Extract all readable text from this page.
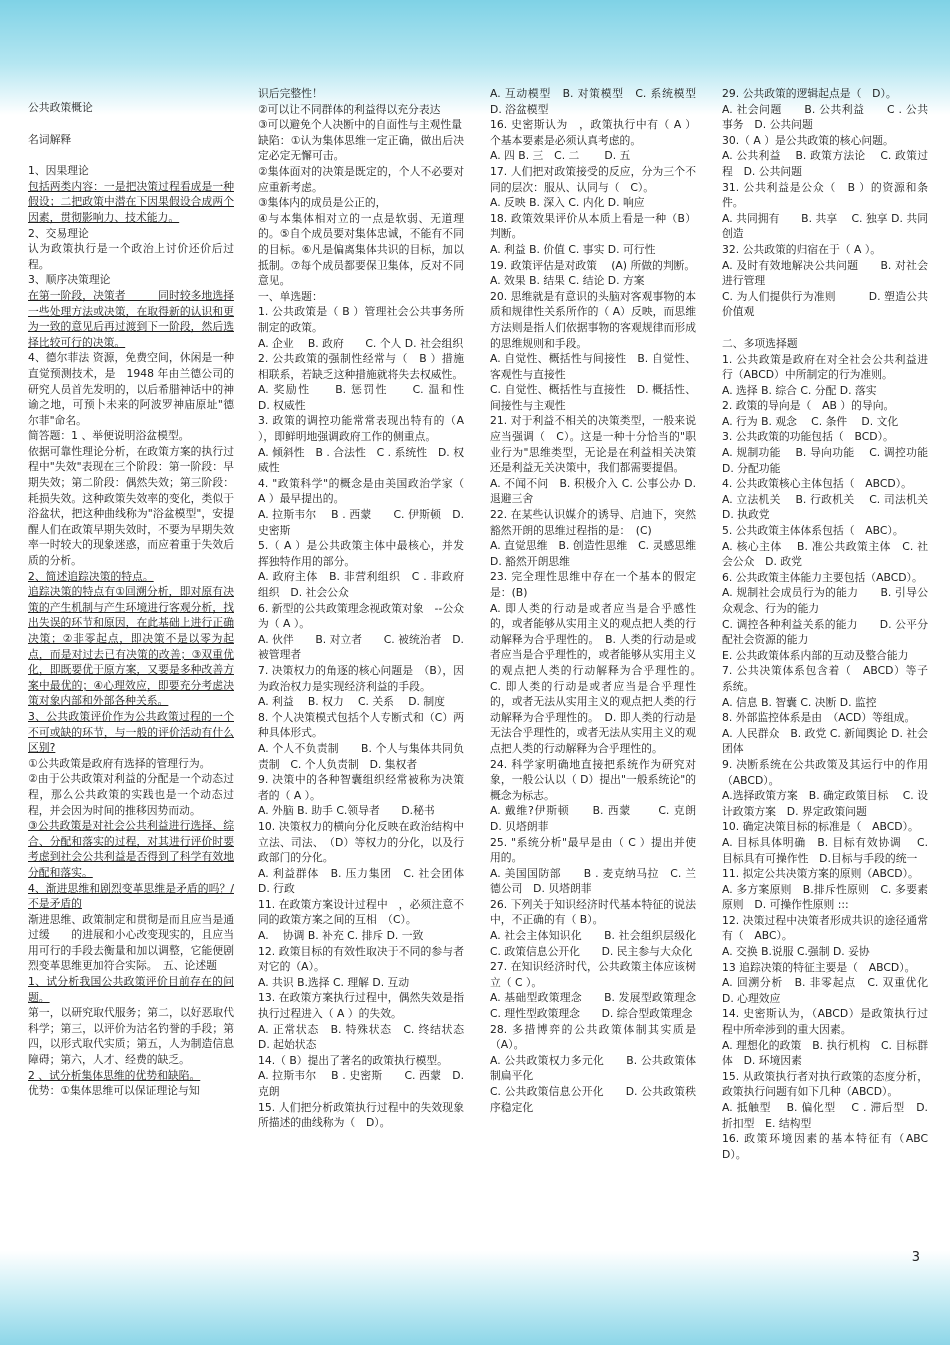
公共政策概论

名词解释

1、因果理论

包括两类内容：一是把决策过程看成是一种假设；二把政策中潜在下因果假设合成两个因素，贯彻影响力、技术能力。

2、交易理论

认为政策执行是一个政治上讨价还价后过程。

3、顺序决策理论

在第一阶段，决策者　　　同时较多地选择一些处理方法或决策，在取得新的认识和更为一致的意见后再过渡到下一阶段，然后选择比较可行的决策。

4、德尔菲法 资源，免费空间，休闲是一种直觉预测技术，是　1948 年由兰德公司的研究人员首先发明的，以后希腊神话中的神谕之地，可预卜未来的阿波罗神庙原址"德尔菲"命名。

简答题：1 、举便说明浴盆模型。

依据可靠性理论分析，在政策方案的执行过程中"失效"表现在三个阶段：第一阶段：早期失效；第二阶段：偶然失效；第三阶段：耗损失效。这种政策失效率的变化，类似于浴盆状，把这种曲线称为"浴盆模型"，安提醒人们在政策早期失效时，不要为早期失效率一时较大的现象迷惑，而应着重于失效后质的分析。

2、简述追踪决策的特点。

追踪决策的特点有①回溯分析，即对原有决策的产生机制与产生环境进行客观分析，找出失误的环节和原因，在此基础上进行正确决策；②非零起点，即决策不是以零为起点，而是对过去已有决策的改善；③双重优化，即既要优于原方案，又要是多种改善方案中最优的；④心理效应，即要充分考虑决策对象内部和外部各种关系。

3、公共政策评价作为公共政策过程的一个不可或缺的环节，与一般的评价活动有什么区别?

①公共政策是政府有选择的管理行为。

②由于公共政策对利益的分配是一个动态过程，那么公共政策的实践也是一个动态过程，并会因为时间的推移因势而动。

③公共政策是对社会公共利益进行选择、综合、分配和落实的过程，对其进行评价时要考虑到社会公共利益是否得到了科学有效地分配和落实。

4、渐进思维和剧烈变革思维是矛盾的吗？/ 不是矛盾的

渐进思维、政策制定和贯彻是而且应当是通过缓　　的进展和小心改变现实的，且应当用可行的手段去衡量和加以调整，它能便剧烈变革思维更加符合实际。　五、论述题

1、试分析我国公共政策评价目前存在的问题。

第一，以研究取代服务；第二，以好恶取代科学；第三，以评价为沽名钓誉的手段；第四，以形式取代实质；第五，人为制造信息障碍；第六，人才、经费的缺乏。

2 、试分析集体思维的优势和缺陷。

优势：①集体思维可以保证理论与知

识后完整性！

②可以让不同群体的利益得以充分表达

③可以避免个人决断中的自面性与主观性量

缺陷：①认为集体思维一定正确，做出后决定必定无懈可击。

②集体面对的决策是既定的，个人不必要对应重新考虑。

③集体内的成员是公正的，

④与本集体相对立的一点是软弱、无道理的。⑤自个成员要对集体忠诚，不能有不同的目标。⑥凡是偏离集体共识的目标，加以抵制。⑦每个成员都要保卫集体，反对不同意见。

一、单选题：

1. 公共政策是（ B ）管理社会公共事务所制定的政策。

A. 企业　 B. 政府　　C. 个人 D. 社会组织

2. 公共政策的强制性经常与（　B ）措施相联系，若缺乏这种措施就将失去权威性。

A. 奖励性　　B. 惩罚性　　C. 温和性　　D. 权威性

3. 政策的调控功能常常表现出特有的（A ），即鲜明地强调政府工作的侧重点。

A. 倾斜性　B . 合法性　C . 系统性　D. 权威性

4. "政策科学"的概念是由美国政治学家（ A ）最早提出的。

A. 拉斯韦尔　 B . 西蒙　　C. 伊斯顿　D. 史密斯

5.（ A ）是公共政策主体中最核心，并发挥独特作用的部分。

A. 政府主体　B. 非营利组织　C . 非政府组织　D. 社会公众

6. 新型的公共政策理念视政策对象　--公众为（ A ）。

A. 伙伴　　B. 对立者　　C. 被统治者　D. 被管理者

7. 决策权力的角逐的核心问题是　（B），因为政治权力是实现经济利益的手段。

A. 利益　 B. 权力　 C. 关系　 D. 制度

8. 个人决策模式包括个人专断式和（C）两种具体形式。

A. 个人不负责制　　B. 个人与集体共同负责制　C. 个人负责制　D. 集权者

9. 决策中的各种智囊组织经常被称为决策者的（ A ）。

A. 外脑 B. 助手 C.领导者　　D.秘书

10. 决策权力的横向分化反映在政治结构中立法、司法、　（D）等权力的分化，以及行政部门的分化。

A. 利益群体　B. 压力集团　C. 社会团体 D. 行政

11. 在政策方案设计过程中　，必须注意不同的政策方案之间的互相　（C）。

A. 　协调 B. 补充 C. 排斥 D. 一致

12. 政策目标的有效性取决于不同的参与者对它的（A）。

A. 共识 B.选择 C. 理解 D. 互动

13. 在政策方案执行过程中，偶然失效是指执行过程进入（ A ）的失效。

A. 正常状态　B. 特殊状态　C. 终结状态　D. 起始状态

14.（ B）提出了著名的政策执行模型。

A. 拉斯韦尔　 B . 史密斯　　C. 西蒙　D. 克朗

15. 人们把分析政策执行过程中的失效现象所描述的曲线称为（　D）。

A. 互动模型　B. 对策模型　C. 系统模型 D. 浴盆模型

16. 史密斯认为　，政策执行中有（ A ）个基本要素是必须认真考虑的。

A. 四 B. 三　C. 二　　 D. 五

17. 人们把对政策接受的反应，分为三个不同的层次：服从、认同与（　C）。

A. 反映 B. 深入 C. 内化 D. 响应

18. 政策效果评价从本质上看是一种（B）判断。

A. 利益 B. 价值 C. 事实 D. 可行性

19. 政策评估是对政策　 (A) 所做的判断。

A. 效果 B. 结果 C. 结论 D. 方案

20. 思维就是有意识的头脑对客观事物的本质和规律性关系所作的（ A）反映，而思维方法则是指人们依据事物的客观规律而形成的思维规则和手段。

A. 自觉性、概括性与间接性　B. 自觉性、客观性与直接性

C. 自觉性、概括性与直接性　D. 概括性、间接性与主观性

21. 对于利益不相关的决策类型，一般来说应当强调（　C）。这是一种十分恰当的"职业行为"思维类型，无论是在利益相关决策还是利益无关决策中，我们都需要提倡。

A. 不闻不问　B. 积极介入 C. 公事公办 D. 退避三舍

22. 在某些认识媒介的诱导、启迪下，突然豁然开朗的思维过程指的是：　(C)

A. 直觉思维　B. 创造性思维　C. 灵感思维　D. 豁然开朗思维

23. 完全理性思维中存在一个基本的假定是：(B)

A. 即人类的行动是或者应当是合乎感性的，或者能够从实用主义的观点把人类的行动解释为合乎理性的。　B. 人类的行动是或者应当是合乎理性的，或者能够从实用主义的观点把人类的行动解释为合乎理性的。　C. 即人类的行动是或者应当是合乎理性的，或者无法从实用主义的观点把人类的行动解释为合乎理性的。　D. 即人类的行动是无法合乎理性的，或者无法从实用主义的观点把人类的行动解释为合乎理性的。

24. 科学家明确地直接把系统作为研究对象，一般公认以（ D）提出"一般系统论"的概念为标志。

A. 戴维?伊斯顿　　B. 西蒙　　 C. 克朗　　D. 贝塔朗菲

25. "系统分析"最早是由（ C ）提出并使用的。

A. 美国国防部　　B . 麦克纳马拉　C. 兰德公司　D. 贝塔朗菲

26. 下列关于知识经济时代基本特征的说法中，不正确的有（ B）。

A. 社会主体知识化　　B. 社会组织层级化　C. 政策信息公开化　　D. 民主参与大众化

27. 在知识经济时代，公共政策主体应该树立（ C ）。

A. 基础型政策理念　　B. 发展型政策理念　C. 理性型政策理念　　D. 综合型政策理念

28. 多措博弈的公共政策体制其实质是（A）。

A. 公共政策权力多元化　　B. 公共政策体制扁平化

C. 公共政策信息公开化　　D. 公共政策秩序稳定化

29. 公共政策的逻辑起点是（　D）。

A. 社会问题　　B. 公共利益　　C . 公共事务　D. 公共问题

30.（ A ）是公共政策的核心问题。

A. 公共利益　 B. 政策方法论　 C. 政策过程　D. 公共问题

31. 公共利益是公众（　B ）的资源和条件。

A. 共同拥有　　B. 共享　 C. 独享 D. 共同创造

32. 公共政策的归宿在于（ A ）。

A. 及时有效地解决公共问题　　B. 对社会进行管理

C. 为人们提供行为准则　　　D. 塑造公共价值观

二、多项选择题

1. 公共政策是政府在对全社会公共利益进行（ABCD）中所制定的行为准则。

A. 选择 B. 综合 C. 分配 D. 落实

2. 政策的导向是（　AB ）的导向。

A. 行为 B. 观念　 C. 条件　 D. 文化

3. 公共政策的功能包括（　BCD）。

A. 规制功能　 B. 导向功能　 C. 调控功能　D. 分配功能

4. 公共政策核心主体包括（　ABCD）。

A. 立法机关　 B. 行政机关　 C. 司法机关　D. 执政党

5. 公共政策主体体系包括（　ABC）。

A. 核心主体　 B. 准公共政策主体　C. 社会公众　D. 政党

6. 公共政策主体能力主要包括（ABCD）。

A. 规制社会成员行为的能力　　B. 引导公众观念、行为的能力

C. 调控各种利益关系的能力　　D. 公平分配社会资源的能力

E. 公共政策体系内部的互动及整合能力

7. 公共决策体系包含着（　ABCD）等子系统。

A. 信息 B. 智囊 C. 决断 D. 监控

8. 外部监控体系是由　（ACD）等组成。

A. 人民群众　B. 政党 C. 新闻舆论 D. 社会团体

9. 决断系统在公共政策及其运行中的作用（ABCD）。

A.选择政策方案　B. 确定政策目标　 C. 设计政策方案　D. 界定政策问题

10. 确定决策目标的标准是（　ABCD）。

A. 目标具体明确　B. 目标有效协调　 C. 目标具有可操作性　D.目标与手段的统一

11. 拟定公共决策方案的原则（ABCD）。

A. 多方案原则　B.排斥性原则　C. 多要素原则　D. 可操作性原则 :::

12. 决策过程中决策者形成共识的途径通常有（　ABC）。

A. 交换 B.说服 C.强制 D. 妥协

13 追踪决策的特征主要是（　ABCD）。

A. 回溯分析　B. 非零起点　C. 双重优化　D. 心理效应

14. 史密斯认为，（ABCD）是政策执行过程中所牵涉到的重大因素。

A. 理想化的政策　B. 执行机构　C. 目标群体　D. 环境因素

15. 从政策执行者对执行政策的态度分析，政策执行问题有如下几种（ABCD）。

A. 抵触型　 B. 偏化型　 C . 滞后型　D. 折扣型　E. 结构型

16. 政策环境因素的基本特征有（ABCD）。

3
